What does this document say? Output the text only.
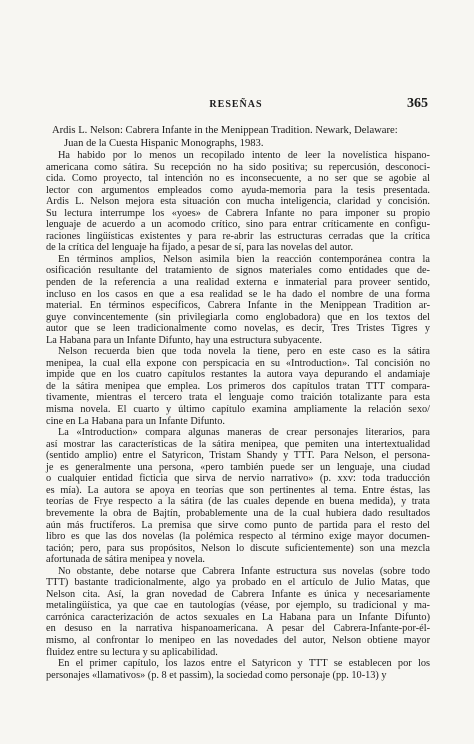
RESEÑAS	365
Ardis L. Nelson: Cabrera Infante in the Menippean Tradition. Newark, Delaware:
Juan de la Cuesta Hispanic Monographs, 1983.

Ha habido por lo menos un recopilado intento de leer la novelística hispano-

americana como sátira. Su recepción no ha sido positiva; su repercusión, desconoci-

cida. Como proyecto, tal intención no es inconsecuente, a no ser que se agobie al

lector con argumentos empleados como ayuda-memoria para la tesis presentada.

Ardis L. Nelson mejora esta situación con mucha inteligencia, claridad y concisión.

Su lectura interrumpe los «yoes» de Cabrera Infante no para imponer su propio

lenguaje de acuerdo a un acomodo crítico, sino para entrar críticamente en configu-

raciones lingüísticas existentes y para re-abrir las estructuras cerradas que la crítica

de la crítica del lenguaje ha fijado, a pesar de sí, para las novelas del autor.

En términos amplios, Nelson asimila bien la reacción contemporánea contra la

osificación resultante del tratamiento de signos materiales como entidades que de-

penden de la referencia a una realidad externa e inmaterial para proveer sentido,

incluso en los casos en que a esa realidad se le ha dado el nombre de una forma

material. En términos específicos, Cabrera Infante in the Menippean Tradition ar-

guye convincentemente (sin privilegiarla como englobadora) que en los textos del

autor que se leen tradicionalmente como novelas, es decir, Tres Tristes Tigres y

La Habana para un Infante Difunto, hay una estructura subyacente.

Nelson recuerda bien que toda novela la tiene, pero en este caso es la sátira

menipea, la cual ella expone con perspicacia en su «Introduction». Tal concisión no

impide que en los cuatro capítulos restantes la autora vaya depurando el andamiaje

de la sátira menipea que emplea. Los primeros dos capítulos tratan TTT compara-

tivamente, mientras el tercero trata el lenguaje como traición totalizante para esta

misma novela. El cuarto y último capítulo examina ampliamente la relación sexo/

cine en La Habana para un Infante Difunto.

La «Introduction» compara algunas maneras de crear personajes literarios, para

así mostrar las características de la sátira menipea, que pemiten una intertextualidad

(sentido amplio) entre el Satyricon, Tristam Shandy y TTT. Para Nelson, el persona-

je es generalmente una persona, «pero también puede ser un lenguaje, una ciudad

o cualquier entidad ficticia que sirva de nervio narrativo» (p. xxv: toda traducción

es mía). La autora se apoya en teorías que son pertinentes al tema. Entre éstas, las

teorías de Frye respecto a la sátira (de las cuales depende en buena medida), y trata

brevemente la obra de Bajtín, probablemente una de la cual hubiera dado resultados

aún más fructíferos. La premisa que sirve como punto de partida para el resto del

libro es que las dos novelas (la polémica respecto al término exige mayor documen-

tación; pero, para sus propósitos, Nelson lo discute suficientemente) son una mezcla

afortunada de sátira menipea y novela.

No obstante, debe notarse que Cabrera Infante estructura sus novelas (sobre todo

TTT) bastante tradicionalmente, algo ya probado en el artículo de Julio Matas, que

Nelson cita. Así, la gran novedad de Cabrera Infante es única y necesariamente

metalingüística, ya que cae en tautologías (véase, por ejemplo, su tradicional y ma-

carrónica caracterización de actos sexuales en La Habana para un Infante Difunto)

en desuso en la narrativa hispanoamericana. A pesar del Cabrera-Infante-por-él-

mismo, al confrontar lo menipeo en las novedades del autor, Nelson obtiene mayor

fluidez entre su lectura y su aplicabilidad.

En el primer capítulo, los lazos entre el Satyricon y TTT se establecen por los

personajes «llamativos» (p. 8 et passim), la sociedad como personaje (pp. 10-13) y
